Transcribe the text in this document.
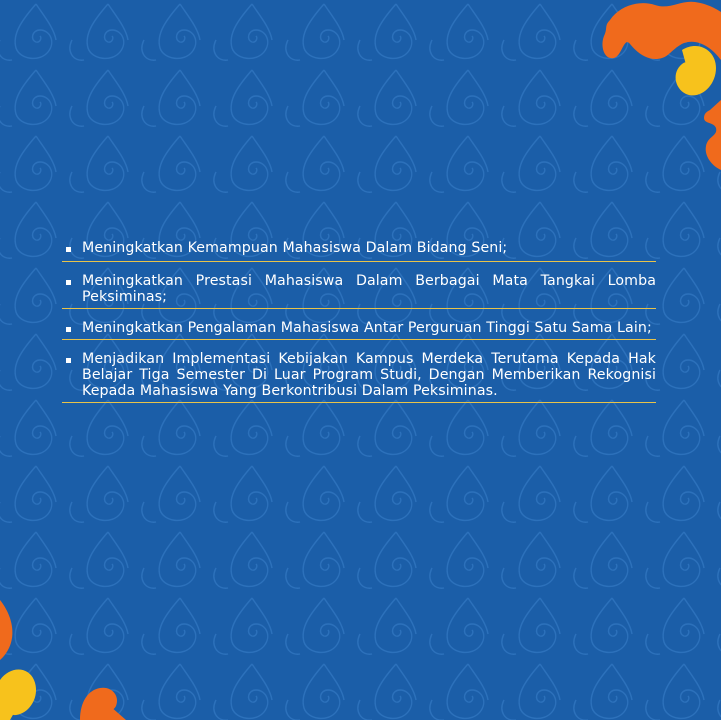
Meningkatkan Kemampuan Mahasiswa Dalam Bidang Seni;
Meningkatkan Prestasi Mahasiswa Dalam Berbagai Mata Tangkai Lomba Peksiminas;
Meningkatkan Pengalaman Mahasiswa Antar Perguruan Tinggi Satu Sama Lain;
Menjadikan Implementasi Kebijakan Kampus Merdeka Terutama Kepada Hak Belajar Tiga Semester Di Luar Program Studi, Dengan Memberikan Rekognisi Kepada Mahasiswa Yang Berkontribusi Dalam Peksiminas.
